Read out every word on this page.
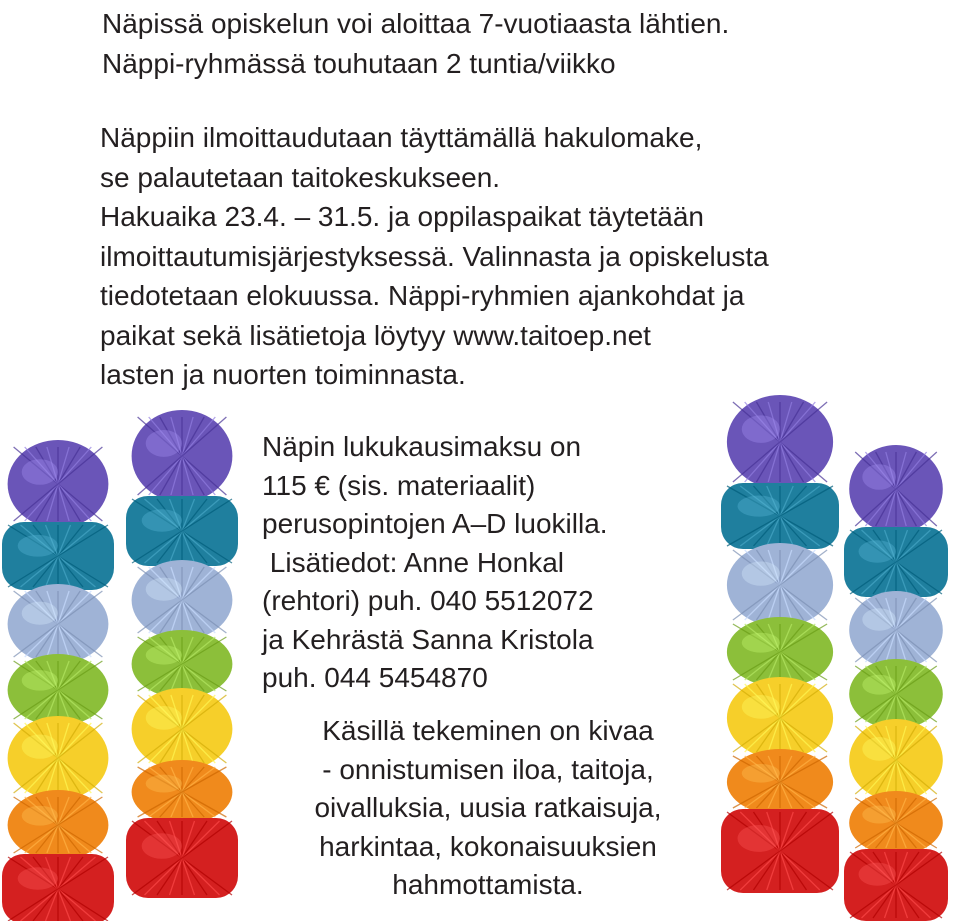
Näpissä opiskelun voi aloittaa 7-vuotiaasta lähtien.
Näppi-ryhmässä touhutaan 2 tuntia/viikko
Näppiin ilmoittaudutaan täyttämällä hakulomake,
se palautetaan taitokeskukseen.
Hakuaika 23.4. – 31.5. ja oppilaspaikat täytetään
ilmoittautumisjärjestyksessä. Valinnasta ja opiskelusta
tiedotetaan elokuussa. Näppi-ryhmien ajankohdat ja
paikat sekä lisätietoja löytyy www.taitoep.net
lasten ja nuorten toiminnasta.
Näpin lukukausimaksu on
115 € (sis. materiaalit)
perusopintojen A–D luokilla.
Lisätiedot: Anne Honkal
(rehtori) puh. 040 5512072
ja Kehrästä Sanna Kristola
puh. 044 5454870
Käsillä tekeminen on kivaa
- onnistumisen iloa, taitoja,
oivalluksia, uusia ratkaisuja,
harkintaa, kokonaisuuksien
hahmottamista.
